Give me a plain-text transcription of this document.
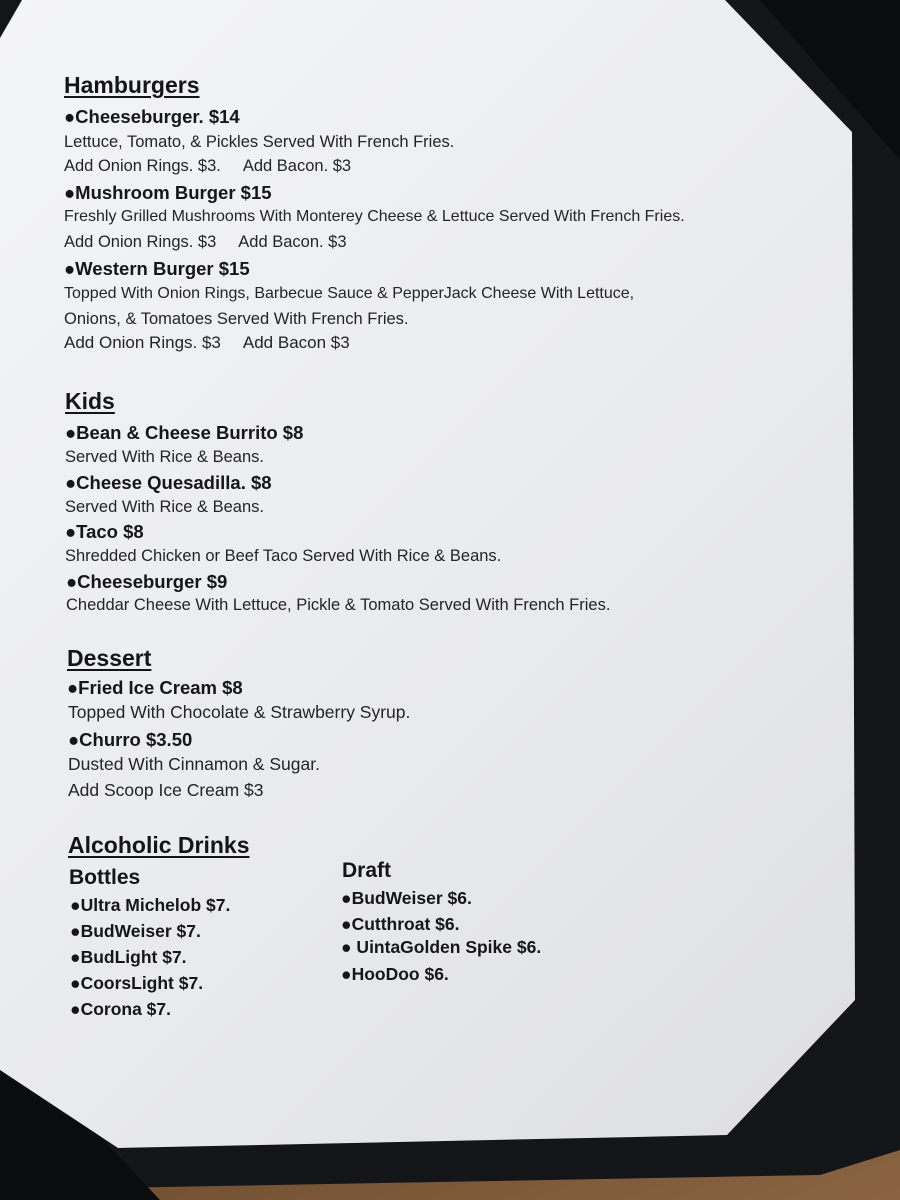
Hamburgers
●Cheeseburger. $14
Lettuce, Tomato, & Pickles Served With French Fries.
Add Onion Rings. $3. Add Bacon. $3
●Mushroom Burger $15
Freshly Grilled Mushrooms With Monterey Cheese & Lettuce Served With French Fries.
Add Onion Rings. $3 Add Bacon. $3
●Western Burger $15
Topped With Onion Rings, Barbecue Sauce & PepperJack Cheese With Lettuce,
Onions, & Tomatoes Served With French Fries.
Add Onion Rings. $3 Add Bacon $3
Kids
●Bean & Cheese Burrito $8
Served With Rice & Beans.
●Cheese Quesadilla. $8
Served With Rice & Beans.
●Taco $8
Shredded Chicken or Beef Taco Served With Rice & Beans.
●Cheeseburger $9
Cheddar Cheese With Lettuce, Pickle & Tomato Served With French Fries.
Dessert
●Fried Ice Cream $8
Topped With Chocolate & Strawberry Syrup.
●Churro $3.50
Dusted With Cinnamon & Sugar.
Add Scoop Ice Cream $3
Alcoholic Drinks
Bottles
●Ultra Michelob $7.
●BudWeiser $7.
●BudLight $7.
●CoorsLight $7.
●Corona $7.
Draft
●BudWeiser $6.
●Cutthroat $6.
● UintaGolden Spike $6.
●HooDoo $6.
